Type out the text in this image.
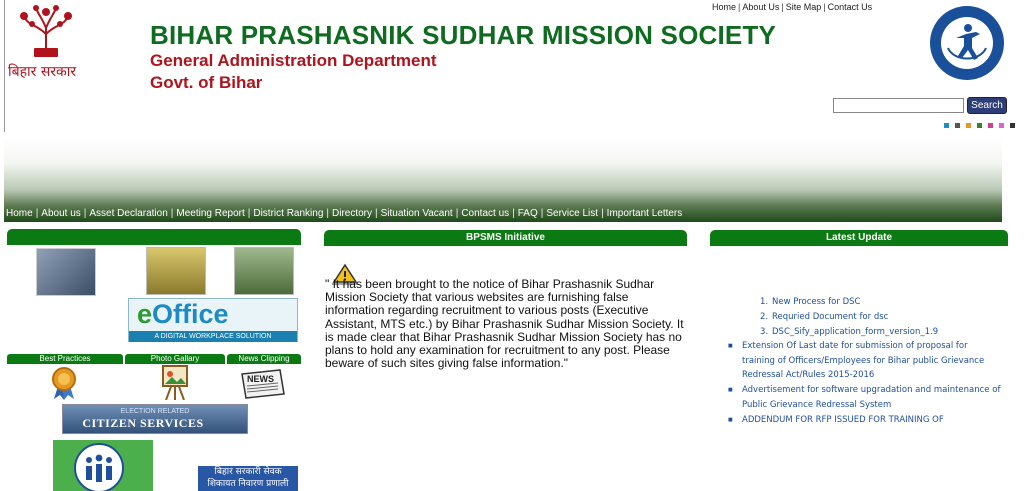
बिहार सरकार
BIHAR PRASHASNIK SUDHAR MISSION SOCIETY
General Administration Department
Govt. of Bihar
Home | About Us | Site Map | Contact Us
Search
Home | About us | Asset Declaration | Meeting Report | District Ranking | Directory | Situation Vacant | Contact us | FAQ | Service List | Important Letters
eOffice
A DIGITAL WORKPLACE SOLUTION
Best Practices	Photo Gallary	News Clipping
NEWS
ELECTION RELATED
CITIZEN SERVICES
बिहार सरकारी सेवक
शिकायत निवारण प्रणाली
BPSMS Initiative
" It has been brought to the notice of Bihar Prashasnik Sudhar Mission Society that various websites are furnishing false information regarding recruitment to various posts (Executive Assistant, MTS etc.) by Bihar Prashasnik Sudhar Mission Society. It is made clear that Bihar Prashasnik Sudhar Mission Society has no plans to hold any examination for recruitment to any post. Please beware of such sites giving false information."
Latest Update
1. New Process for DSC
2. Requried Document for dsc
3. DSC_Sify_application_form_version_1.9
■	Extension Of Last date for submission of proposal for training of Officers/Employees for Bihar public Grievance Redressal Act/Rules 2015-2016
■	Advertisement for software upgradation and maintenance of Public Grievance Redressal System
■	ADDENDUM FOR RFP ISSUED FOR TRAINING OF
